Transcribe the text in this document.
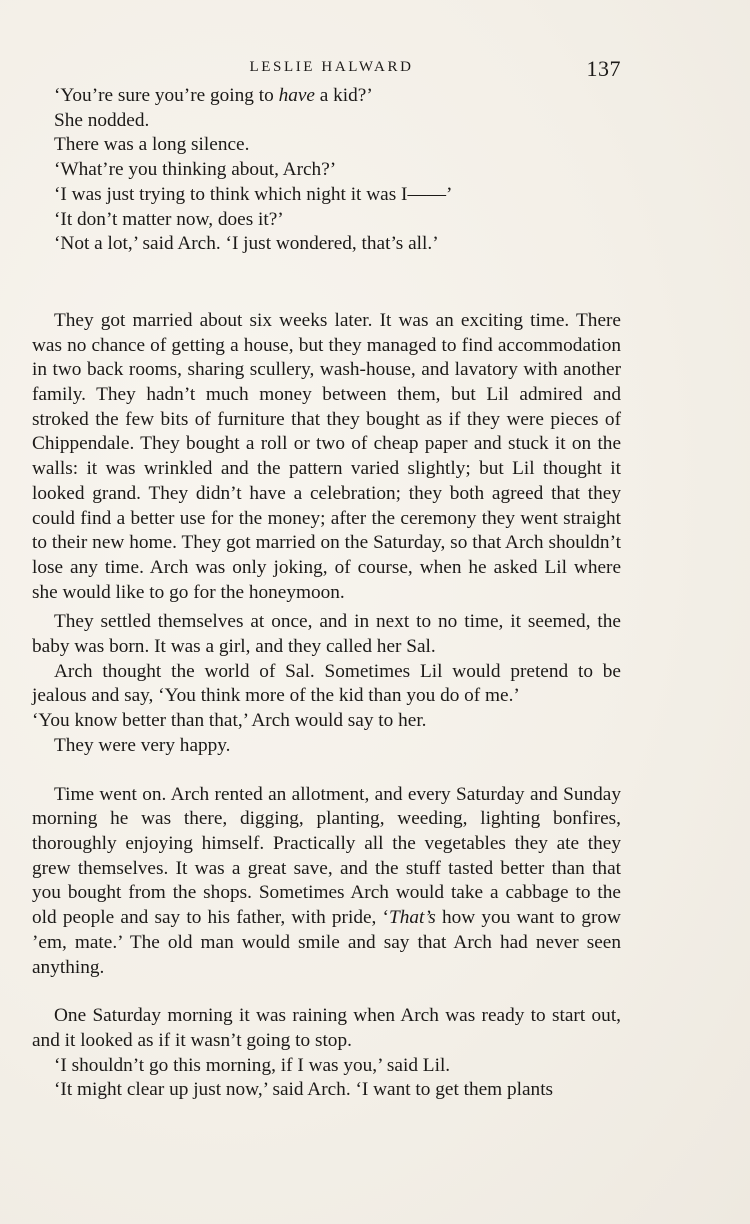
LESLIE HALWARD	137

‘You’re sure you’re going to have a kid?’

She nodded.

There was a long silence.

‘What’re you thinking about, Arch?’

‘I was just trying to think which night it was I——’

‘It don’t matter now, does it?’

‘Not a lot,’ said Arch. ‘I just wondered, that’s all.’

They got married about six weeks later. It was an exciting time. There was no chance of getting a house, but they managed to find accommodation in two back rooms, sharing scullery, wash-house, and lavatory with another family. They hadn’t much money between them, but Lil admired and stroked the few bits of furniture that they bought as if they were pieces of Chippendale. They bought a roll or two of cheap paper and stuck it on the walls: it was wrinkled and the pattern varied slightly; but Lil thought it looked grand. They didn’t have a celebration; they both agreed that they could find a better use for the money; after the ceremony they went straight to their new home. They got married on the Saturday, so that Arch shouldn’t lose any time. Arch was only joking, of course, when he asked Lil where she would like to go for the honeymoon.

They settled themselves at once, and in next to no time, it seemed, the baby was born. It was a girl, and they called her Sal.

Arch thought the world of Sal. Sometimes Lil would pretend to be jealous and say, ‘You think more of the kid than you do of me.’

‘You know better than that,’ Arch would say to her.

They were very happy.

Time went on. Arch rented an allotment, and every Saturday and Sunday morning he was there, digging, planting, weeding, lighting bonfires, thoroughly enjoying himself. Practically all the vegetables they ate they grew themselves. It was a great save, and the stuff tasted better than that you bought from the shops. Sometimes Arch would take a cabbage to the old people and say to his father, with pride, ‘That’s how you want to grow ’em, mate.’ The old man would smile and say that Arch had never seen anything.

One Saturday morning it was raining when Arch was ready to start out, and it looked as if it wasn’t going to stop.

‘I shouldn’t go this morning, if I was you,’ said Lil.

‘It might clear up just now,’ said Arch. ‘I want to get them plants
